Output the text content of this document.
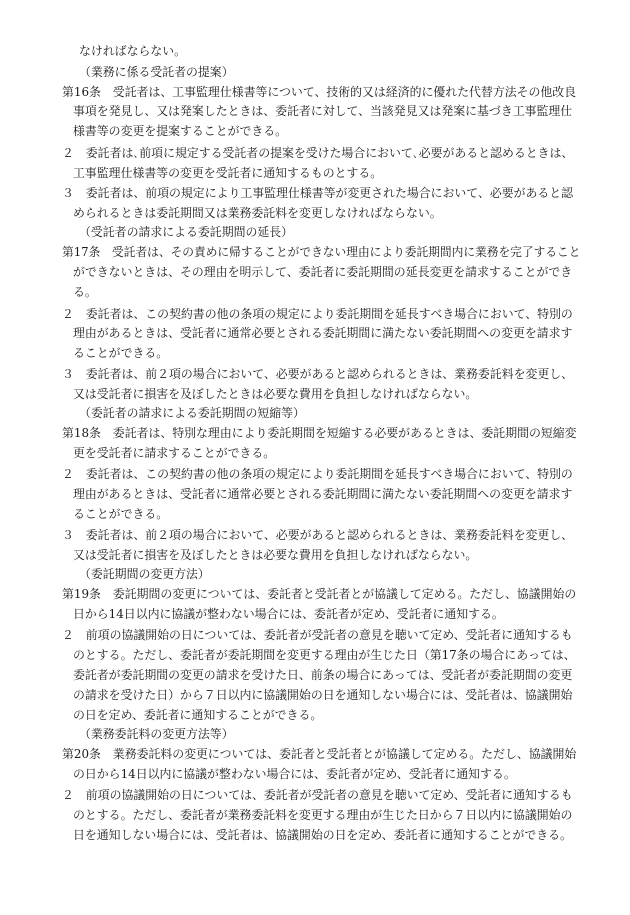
なければならない。
（業務に係る受託者の提案）
第16条　受託者は、工事監理仕様書等について、技術的又は経済的に優れた代替方法その他改良
事項を発見し、又は発案したときは、委託者に対して、当該発見又は発案に基づき工事監理仕
様書等の変更を提案することができる。
２　委託者は､前項に規定する受託者の提案を受けた場合において､必要があると認めるときは、
工事監理仕様書等の変更を受託者に通知するものとする。
３　委託者は、前項の規定により工事監理仕様書等が変更された場合において、必要があると認
められるときは委託期間又は業務委託料を変更しなければならない。
（受託者の請求による委託期間の延長）
第17条　受託者は、その責めに帰することができない理由により委託期間内に業務を完了すること
ができないときは、その理由を明示して、委託者に委託期間の延長変更を請求することができ
る。
２　委託者は、この契約書の他の条項の規定により委託期間を延長すべき場合において、特別の
理由があるときは、受託者に通常必要とされる委託期間に満たない委託期間への変更を請求す
ることができる。
３　委託者は、前２項の場合において、必要があると認められるときは、業務委託料を変更し、
又は受託者に損害を及ぼしたときは必要な費用を負担しなければならない。
（委託者の請求による委託期間の短縮等）
第18条　委託者は、特別な理由により委託期間を短縮する必要があるときは、委託期間の短縮変
更を受託者に請求することができる。
２　委託者は、この契約書の他の条項の規定により委託期間を延長すべき場合において、特別の
理由があるときは、受託者に通常必要とされる委託期間に満たない委託期間への変更を請求す
ることができる。
３　委託者は、前２項の場合において、必要があると認められるときは、業務委託料を変更し、
又は受託者に損害を及ぼしたときは必要な費用を負担しなければならない。
（委託期間の変更方法）
第19条　委託期間の変更については、委託者と受託者とが協議して定める。ただし、協議開始の
日から14日以内に協議が整わない場合には、委託者が定め、受託者に通知する。
２　前項の協議開始の日については、委託者が受託者の意見を聴いて定め、受託者に通知するも
のとする。ただし、委託者が委託期間を変更する理由が生じた日（第17条の場合にあっては、
委託者が委託期間の変更の請求を受けた日、前条の場合にあっては、受託者が委託期間の変更
の請求を受けた日）から７日以内に協議開始の日を通知しない場合には、受託者は、協議開始
の日を定め、委託者に通知することができる。
（業務委託料の変更方法等）
第20条　業務委託料の変更については、委託者と受託者とが協議して定める。ただし、協議開始
の日から14日以内に協議が整わない場合には、委託者が定め、受託者に通知する。
２　前項の協議開始の日については、委託者が受託者の意見を聴いて定め、受託者に通知するも
のとする。ただし、委託者が業務委託料を変更する理由が生じた日から７日以内に協議開始の
日を通知しない場合には、受託者は、協議開始の日を定め、委託者に通知することができる。
